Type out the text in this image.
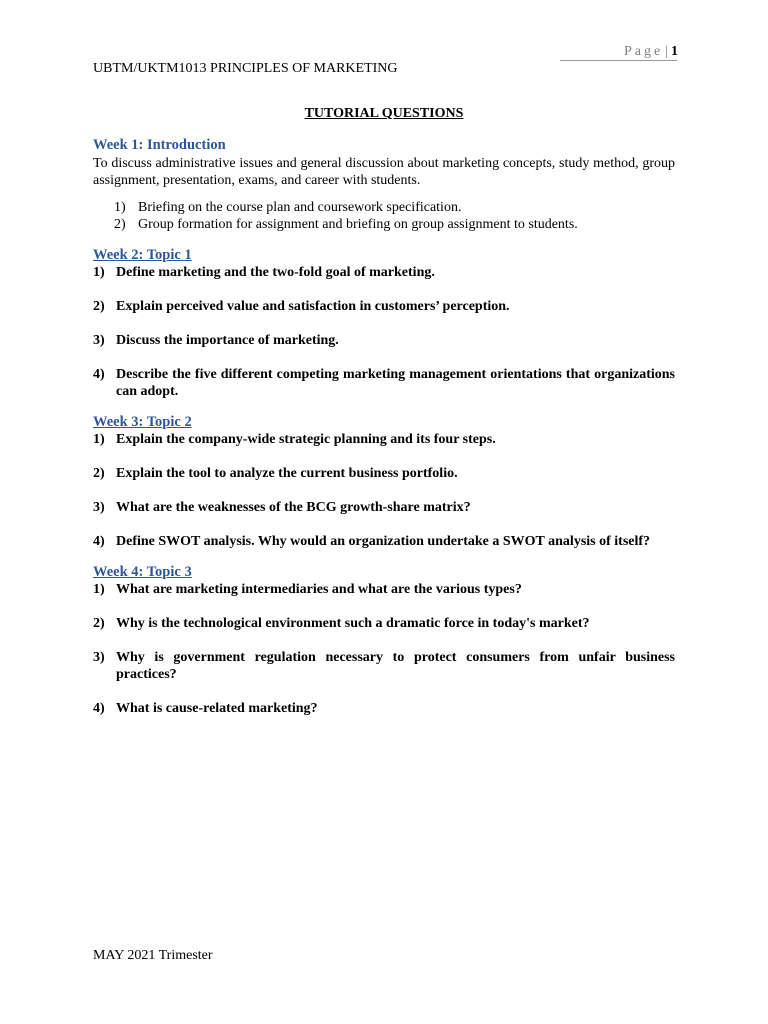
Page | 1
UBTM/UKTM1013 PRINCIPLES OF MARKETING
TUTORIAL QUESTIONS
Week 1: Introduction

To discuss administrative issues and general discussion about marketing concepts, study method, group assignment, presentation, exams, and career with students.

1) Briefing on the course plan and coursework specification.
2) Group formation for assignment and briefing on group assignment to students.
Week 2: Topic 1
1) Define marketing and the two-fold goal of marketing.
2) Explain perceived value and satisfaction in customers’ perception.
3) Discuss the importance of marketing.
4) Describe the five different competing marketing management orientations that organizations can adopt.
Week 3: Topic 2
1) Explain the company-wide strategic planning and its four steps.
2) Explain the tool to analyze the current business portfolio.
3) What are the weaknesses of the BCG growth-share matrix?
4) Define SWOT analysis. Why would an organization undertake a SWOT analysis of itself?
Week 4: Topic 3
1) What are marketing intermediaries and what are the various types?
2) Why is the technological environment such a dramatic force in today's market?
3) Why is government regulation necessary to protect consumers from unfair business practices?
4) What is cause-related marketing?
MAY 2021 Trimester
